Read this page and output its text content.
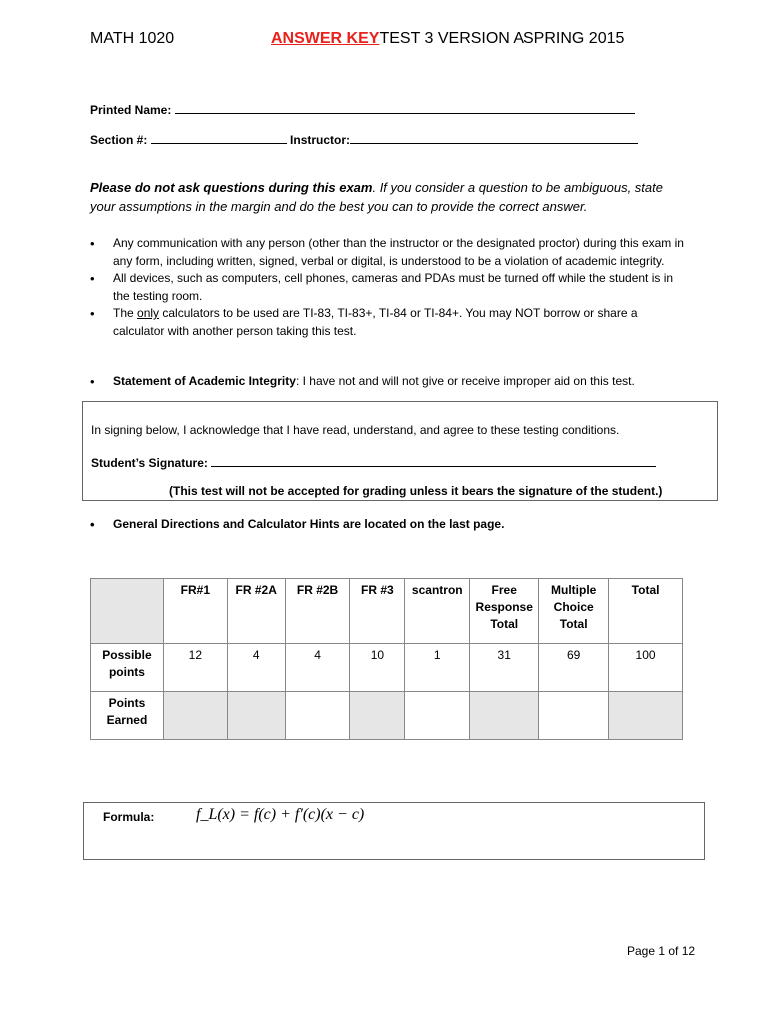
MATH 1020	ANSWER KEYTEST 3 VERSION A
SPRING 2015
Printed Name:
Section #:	Instructor:
Please do not ask questions during this exam. If you consider a question to be ambiguous, state your assumptions in the margin and do the best you can to provide the correct answer.
• Any communication with any person (other than the instructor or the designated proctor) during this exam in any form, including written, signed, verbal or digital, is understood to be a violation of academic integrity.
• All devices, such as computers, cell phones, cameras and PDAs must be turned off while the student is in the testing room.
• The only calculators to be used are TI-83, TI-83+, TI-84 or TI-84+. You may NOT borrow or share a calculator with another person taking this test.
• Statement of Academic Integrity: I have not and will not give or receive improper aid on this test.
In signing below, I acknowledge that I have read, understand, and agree to these testing conditions.
Student’s Signature:
(This test will not be accepted for grading unless it bears the signature of the student.)
• General Directions and Calculator Hints are located on the last page.
	FR#1	FR #2A	FR #2B	FR #3	scantron	Free Response Total	Multiple Choice Total	Total
Possible points	12	4	4	10	1	31	69	100
Points Earned								
Formula:	f_L(x) = f(c) + f′(c)(x − c)
Page 1 of 12
